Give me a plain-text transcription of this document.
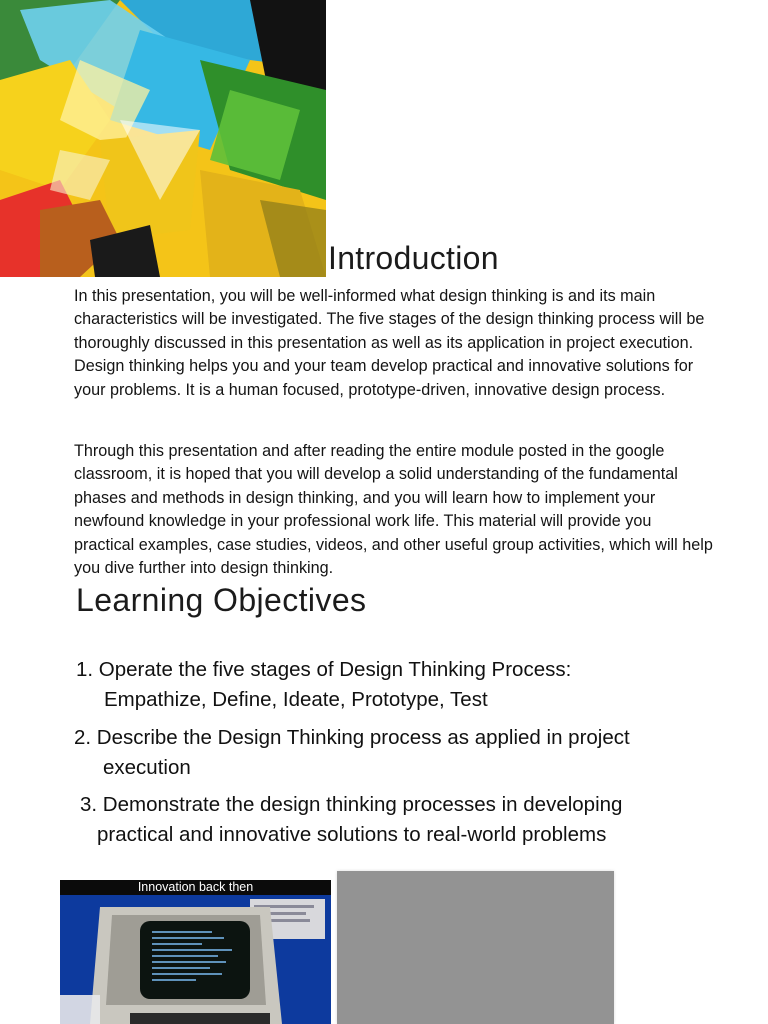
Introduction

In this presentation, you will be well-informed what design thinking is and its main characteristics will be investigated. The five stages of the design thinking process will be thoroughly discussed in this presentation as well as its application in project execution. Design thinking helps you and your team develop practical and innovative solutions for your problems. It is a human focused, prototype-driven, innovative design process.

Through this presentation and after reading the entire module posted in the google classroom, it is hoped that you will develop a solid understanding of the fundamental phases and methods in design thinking, and you will learn how to implement your newfound knowledge in your professional work life. This material will provide you practical examples, case studies, videos, and other useful group activities, which will help you dive further into design thinking.

Learning Objectives
1. Operate the five stages of Design Thinking Process:
Empathize, Define, Ideate, Prototype, Test
2. Describe the Design Thinking process as applied in project
execution
3. Demonstrate the design thinking processes in developing
practical and innovative solutions to real-world problems
Innovation back then
